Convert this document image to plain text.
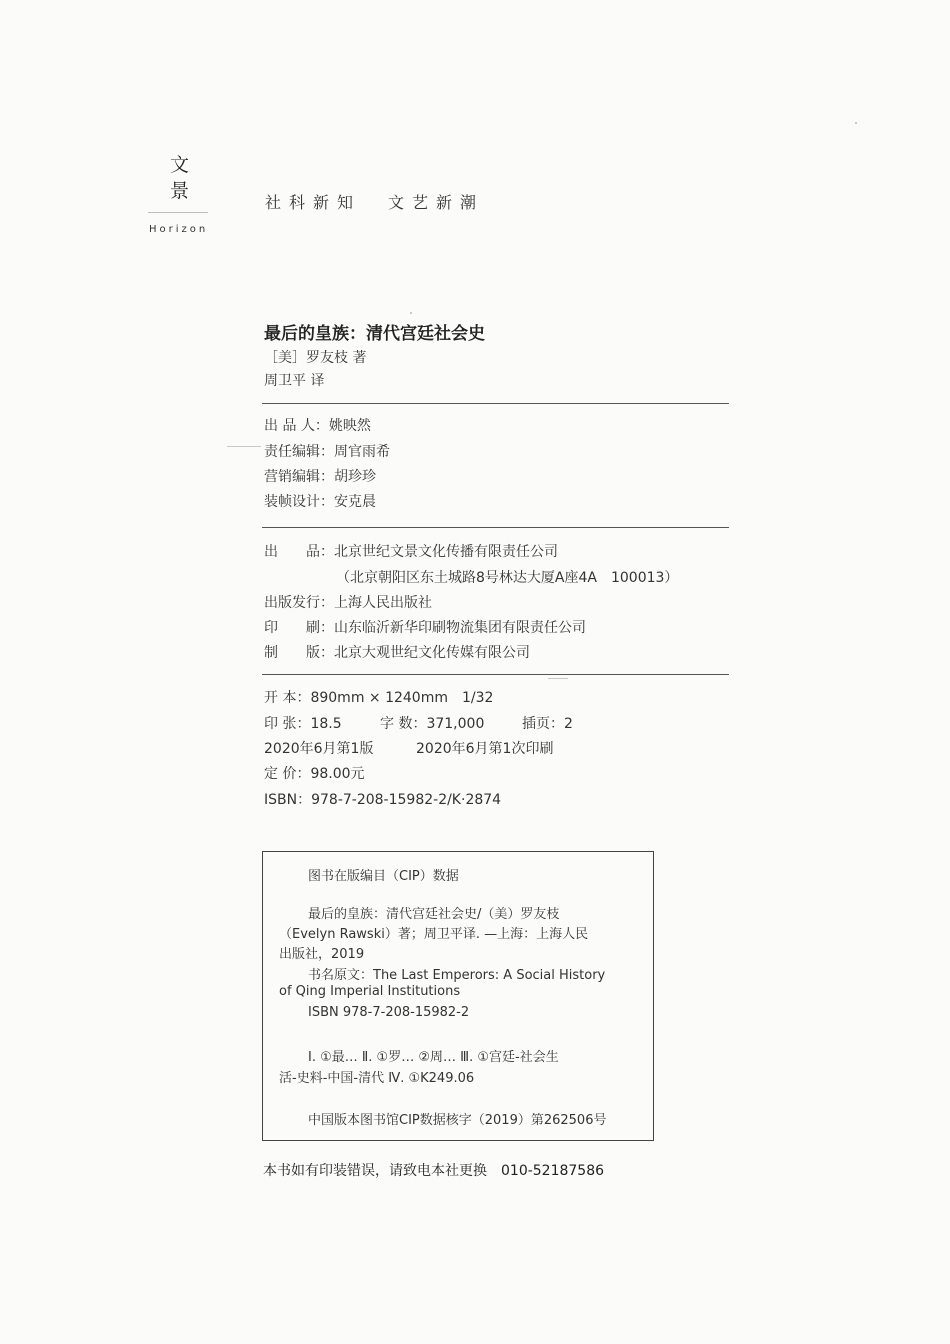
文
景
Horizon
社科新知 文艺新潮
最后的皇族：清代宫廷社会史
［美］罗友枝 著
周卫平 译
出 品 人：姚映然
责任编辑：周官雨希
营销编辑：胡珍珍
装帧设计：安克晨
出　　品：北京世纪文景文化传播有限责任公司
（北京朝阳区东土城路8号林达大厦A座4A　100013）
出版发行：上海人民出版社
印　　刷：山东临沂新华印刷物流集团有限责任公司
制　　版：北京大观世纪文化传媒有限公司
开 本：890mm × 1240mm　1/32
印 张：18.5	字 数：371,000	插页：2
2020年6月第1版	2020年6月第1次印刷
定 价：98.00元
ISBN：978-7-208-15982-2/K·2874
图书在版编目（CIP）数据
最后的皇族：清代宫廷社会史/（美）罗友枝
（Evelyn Rawski）著；周卫平译. —上海：上海人民
出版社，2019
书名原文：The Last Emperors: A Social History
of Qing Imperial Institutions
ISBN 978-7-208-15982-2
Ⅰ. ①最… Ⅱ. ①罗… ②周… Ⅲ. ①宫廷-社会生
活-史料-中国-清代 Ⅳ. ①K249.06
中国版本图书馆CIP数据核字（2019）第262506号
本书如有印装错误，请致电本社更换　010-52187586
